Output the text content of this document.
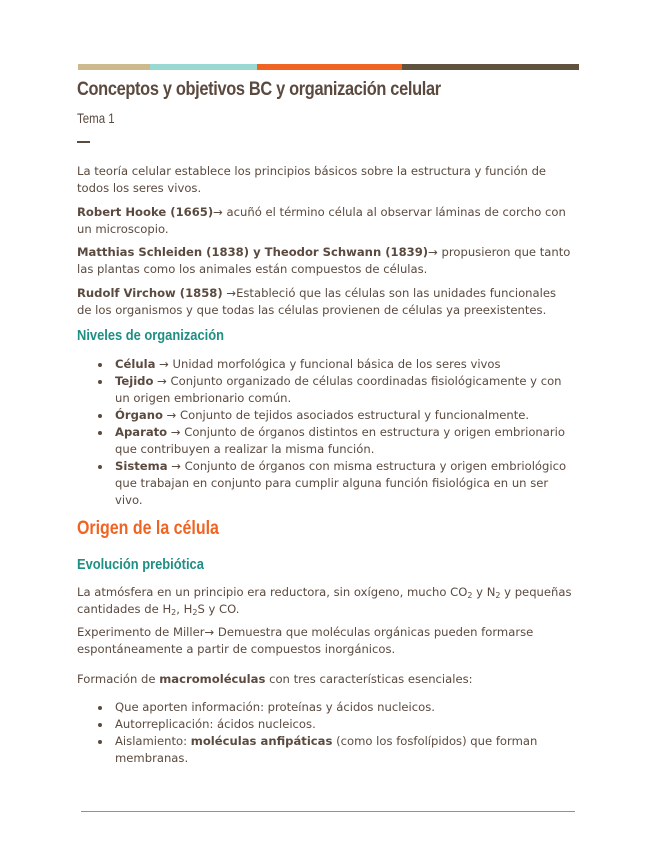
Conceptos y objetivos BC y organización celular
Tema 1

La teoría celular establece los principios básicos sobre la estructura y función de todos los seres vivos.

Robert Hooke (1665)→ acuñó el término célula al observar láminas de corcho con un microscopio.

Matthias Schleiden (1838) y Theodor Schwann (1839)→ propusieron que tanto las plantas como los animales están compuestos de células.

Rudolf Virchow (1858) →Estableció que las células son las unidades funcionales de los organismos y que todas las células provienen de células ya preexistentes.

Niveles de organización
Célula → Unidad morfológica y funcional básica de los seres vivos
Tejido → Conjunto organizado de células coordinadas fisiológicamente y con un origen embrionario común.
Órgano → Conjunto de tejidos asociados estructural y funcionalmente.
Aparato → Conjunto de órganos distintos en estructura y origen embrionario que contribuyen a realizar la misma función.
Sistema → Conjunto de órganos con misma estructura y origen embriológico que trabajan en conjunto para cumplir alguna función fisiológica en un ser vivo.
Origen de la célula
Evolución prebiótica

La atmósfera en un principio era reductora, sin oxígeno, mucho $CO_2$ y $N_2$ y pequeñas cantidades de $H_2$, $H_2S$ y CO.

Experimento de Miller→ Demuestra que moléculas orgánicas pueden formarse espontáneamente a partir de compuestos inorgánicos.

Formación de macromoléculas con tres características esenciales:

Que aporten información: proteínas y ácidos nucleicos.
Autorreplicación: ácidos nucleicos.
Aislamiento: moléculas anfipáticas (como los fosfolípidos) que forman membranas.
